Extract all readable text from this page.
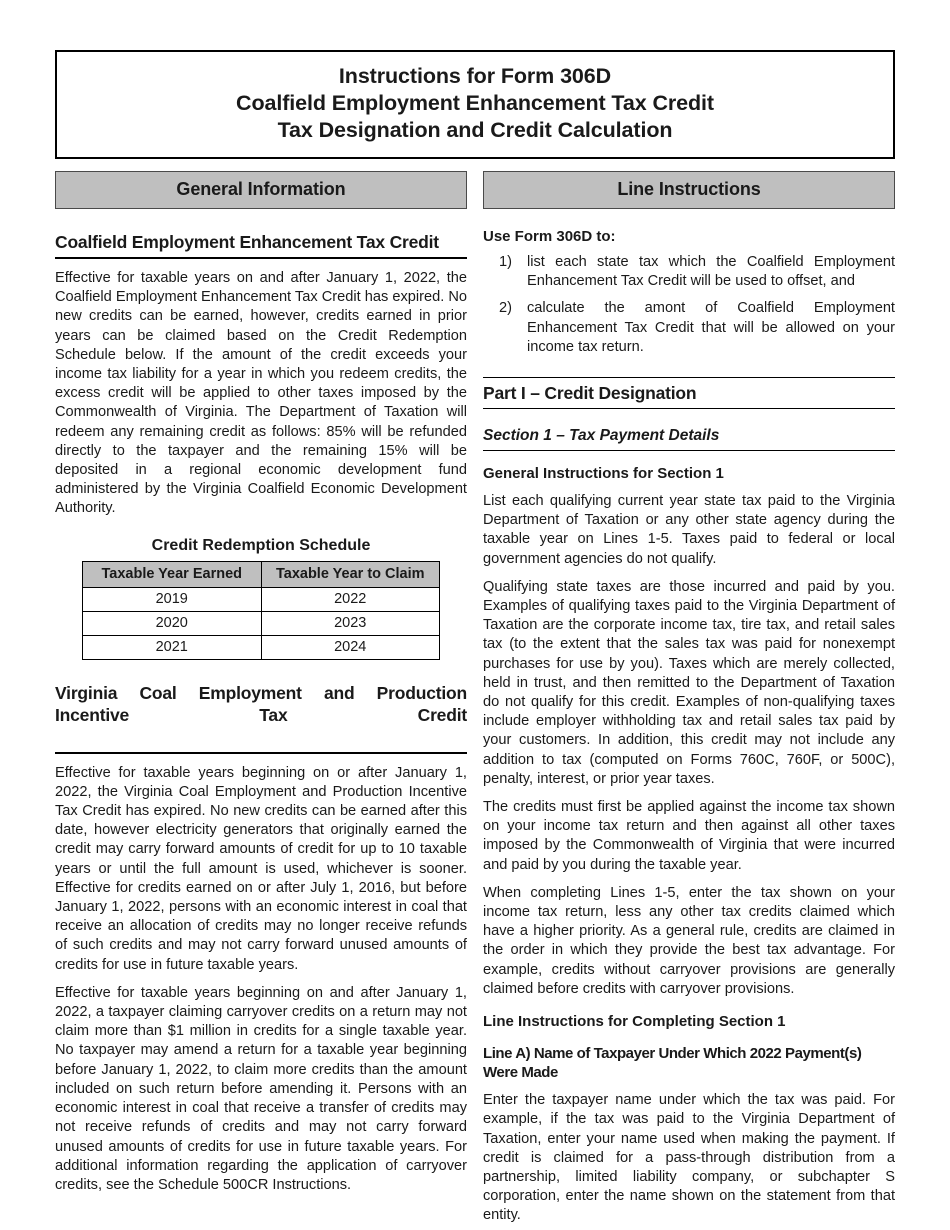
Instructions for Form 306D
Coalfield Employment Enhancement Tax Credit
Tax Designation and Credit Calculation
General Information
Coalfield Employment Enhancement Tax Credit

Effective for taxable years on and after January 1, 2022, the Coalfield Employment Enhancement Tax Credit has expired. No new credits can be earned, however, credits earned in prior years can be claimed based on the Credit Redemption Schedule below. If the amount of the credit exceeds your income tax liability for a year in which you redeem credits, the excess credit will be applied to other taxes imposed by the Commonwealth of Virginia. The Department of Taxation will redeem any remaining credit as follows: 85% will be refunded directly to the taxpayer and the remaining 15% will be deposited in a regional economic development fund administered by the Virginia Coalfield Economic Development Authority.

Credit Redemption Schedule
Taxable Year Earned	Taxable Year to Claim
2019	2022
2020	2023
2021	2024
Virginia Coal Employment and Production Incentive Tax Credit

Effective for taxable years beginning on or after January 1, 2022, the Virginia Coal Employment and Production Incentive Tax Credit has expired. No new credits can be earned after this date, however electricity generators that originally earned the credit may carry forward amounts of credit for up to 10 taxable years or until the full amount is used, whichever is sooner. Effective for credits earned on or after July 1, 2016, but before January 1, 2022, persons with an economic interest in coal that receive an allocation of credits may no longer receive refunds of such credits and may not carry forward unused amounts of credits for use in future taxable years.

Effective for taxable years beginning on and after January 1, 2022, a taxpayer claiming carryover credits on a return may not claim more than $1 million in credits for a single taxable year. No taxpayer may amend a return for a taxable year beginning before January 1, 2022, to claim more credits than the amount included on such return before amending it. Persons with an economic interest in coal that receive a transfer of credits may not receive refunds of credits and may not carry forward unused amounts of credits for use in future taxable years. For additional information regarding the application of carryover credits, see the Schedule 500CR Instructions.

Line Instructions

Use Form 306D to:

1)	list each state tax which the Coalfield Employment Enhancement Tax Credit will be used to offset, and
2)	calculate the amont of Coalfield Employment Enhancement Tax Credit that will be allowed on your income tax return.
Part I – Credit Designation
Section 1 – Tax Payment Details
General Instructions for Section 1

List each qualifying current year state tax paid to the Virginia Department of Taxation or any other state agency during the taxable year on Lines 1-5. Taxes paid to federal or local government agencies do not qualify.

Qualifying state taxes are those incurred and paid by you. Examples of qualifying taxes paid to the Virginia Department of Taxation are the corporate income tax, tire tax, and retail sales tax (to the extent that the sales tax was paid for nonexempt purchases for use by you). Taxes which are merely collected, held in trust, and then remitted to the Department of Taxation do not qualify for this credit. Examples of non-qualifying taxes include employer withholding tax and retail sales tax paid by your customers. In addition, this credit may not include any addition to tax (computed on Forms 760C, 760F, or 500C), penalty, interest, or prior year taxes.

The credits must first be applied against the income tax shown on your income tax return and then against all other taxes imposed by the Commonwealth of Virginia that were incurred and paid by you during the taxable year.

When completing Lines 1-5, enter the tax shown on your income tax return, less any other tax credits claimed which have a higher priority. As a general rule, credits are claimed in the order in which they provide the best tax advantage. For example, credits without carryover provisions are generally claimed before credits with carryover provisions.

Line Instructions for Completing Section 1
Line A) Name of Taxpayer Under Which 2022 Payment(s) Were Made

Enter the taxpayer name under which the tax was paid. For example, if the tax was paid to the Virginia Department of Taxation, enter your name used when making the payment. If credit is claimed for a pass-through distribution from a partnership, limited liability company, or subchapter S corporation, enter the name shown on the statement from that entity.
